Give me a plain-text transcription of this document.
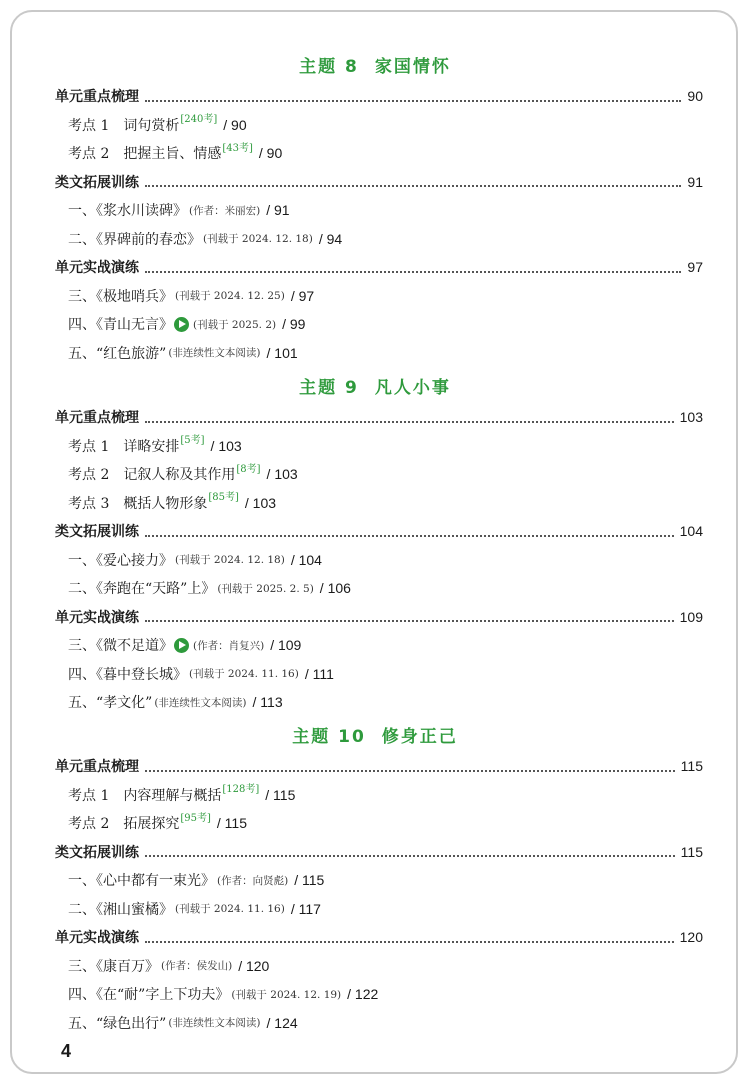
主题 8 家国情怀
单元重点梳理	90
考点 1 词句赏析 [240考] / 90
考点 2 把握主旨、情感 [43考] / 90
类文拓展训练	91
一、《浆水川读碑》 (作者：米丽宏) / 91
二、《界碑前的春恋》 (刊载于 2024. 12. 18) / 94
单元实战演练	97
三、《极地哨兵》 (刊载于 2024. 12. 25) / 97
四、《青山无言》 (刊载于 2025. 2) / 99
五、“红色旅游” (非连续性文本阅读) / 101
主题 9 凡人小事
单元重点梳理	103
考点 1 详略安排 [5考] / 103
考点 2 记叙人称及其作用 [8考] / 103
考点 3 概括人物形象 [85考] / 103
类文拓展训练	104
一、《爱心接力》 (刊载于 2024. 12. 18) / 104
二、《奔跑在“天路”上》 (刊载于 2025. 2. 5) / 106
单元实战演练	109
三、《微不足道》 (作者：肖复兴) / 109
四、《暮中登长城》 (刊载于 2024. 11. 16) / 111
五、“孝文化” (非连续性文本阅读) / 113
主题 10 修身正己
单元重点梳理	115
考点 1 内容理解与概括 [128考] / 115
考点 2 拓展探究 [95考] / 115
类文拓展训练	115
一、《心中都有一束光》 (作者：向贤彪) / 115
二、《湘山蜜橘》 (刊载于 2024. 11. 16) / 117
单元实战演练	120
三、《康百万》 (作者：侯发山) / 120
四、《在“耐”字上下功夫》 (刊载于 2024. 12. 19) / 122
五、“绿色出行” (非连续性文本阅读) / 124
4
